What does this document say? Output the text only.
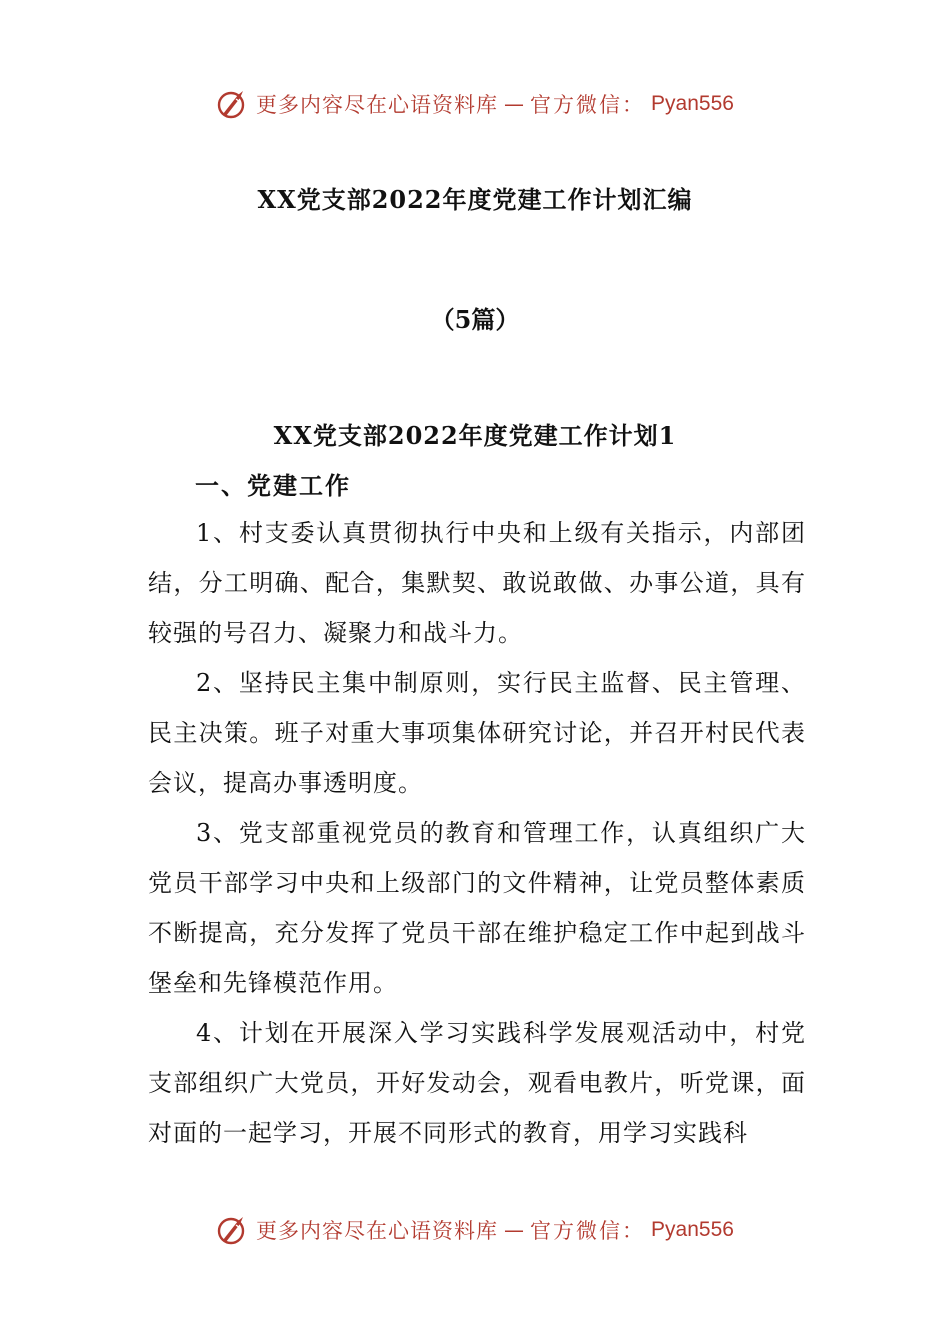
更多内容尽在心语资料库 — 官方微信： Pyan556
XX党支部2022年度党建工作计划汇编
（5篇）
XX党支部2022年度党建工作计划1
一、党建工作

1、村支委认真贯彻执行中央和上级有关指示，内部团结，分工明确、配合，集默契、敢说敢做、办事公道，具有较强的号召力、凝聚力和战斗力。

2、坚持民主集中制原则，实行民主监督、民主管理、民主决策。班子对重大事项集体研究讨论，并召开村民代表会议，提高办事透明度。

3、党支部重视党员的教育和管理工作，认真组织广大党员干部学习中央和上级部门的文件精神，让党员整体素质不断提高，充分发挥了党员干部在维护稳定工作中起到战斗堡垒和先锋模范作用。

4、计划在开展深入学习实践科学发展观活动中，村党支部组织广大党员，开好发动会，观看电教片，听党课，面对面的一起学习，开展不同形式的教育，用学习实践科

更多内容尽在心语资料库 — 官方微信： Pyan556
